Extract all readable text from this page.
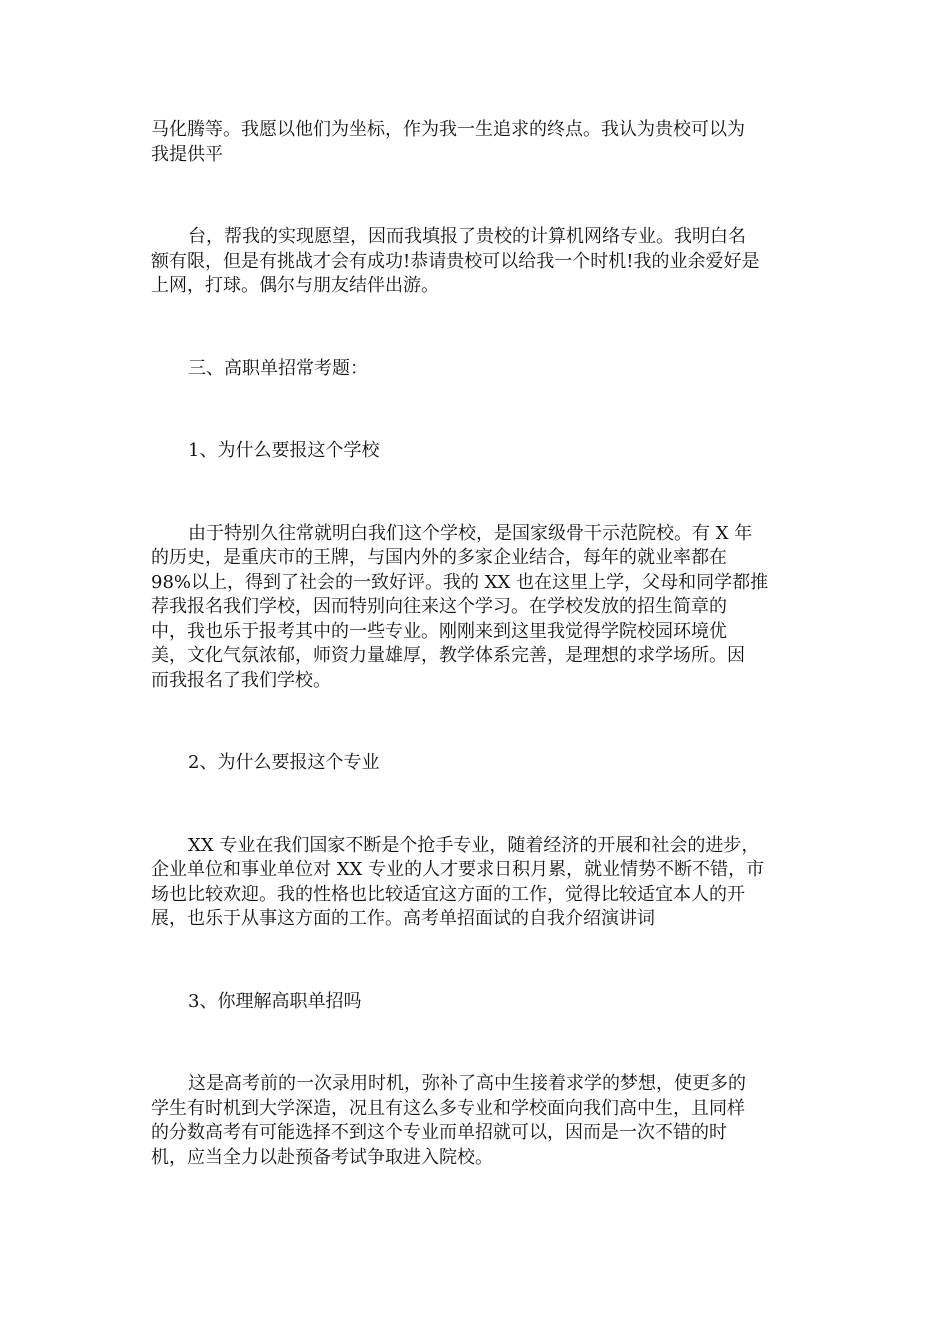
马化腾等。我愿以他们为坐标，作为我一生追求的终点。我认为贵校可以为
我提供平

台，帮我的实现愿望，因而我填报了贵校的计算机网络专业。我明白名
额有限，但是有挑战才会有成功!恭请贵校可以给我一个时机!我的业余爱好是
上网，打球。偶尔与朋友结伴出游。

三、高职单招常考题：

1、为什么要报这个学校

由于特别久往常就明白我们这个学校，是国家级骨干示范院校。有 X 年
的历史，是重庆市的王牌，与国内外的多家企业结合，每年的就业率都在
98%以上，得到了社会的一致好评。我的 XX 也在这里上学，父母和同学都推
荐我报名我们学校，因而特别向往来这个学习。在学校发放的招生简章的
中，我也乐于报考其中的一些专业。刚刚来到这里我觉得学院校园环境优
美，文化气氛浓郁，师资力量雄厚，教学体系完善，是理想的求学场所。因
而我报名了我们学校。

2、为什么要报这个专业

XX 专业在我们国家不断是个抢手专业，随着经济的开展和社会的进步，
企业单位和事业单位对 XX 专业的人才要求日积月累，就业情势不断不错，市
场也比较欢迎。我的性格也比较适宜这方面的工作，觉得比较适宜本人的开
展，也乐于从事这方面的工作。高考单招面试的自我介绍演讲词

3、你理解高职单招吗

这是高考前的一次录用时机，弥补了高中生接着求学的梦想，使更多的
学生有时机到大学深造，况且有这么多专业和学校面向我们高中生，且同样
的分数高考有可能选择不到这个专业而单招就可以，因而是一次不错的时
机，应当全力以赴预备考试争取进入院校。
